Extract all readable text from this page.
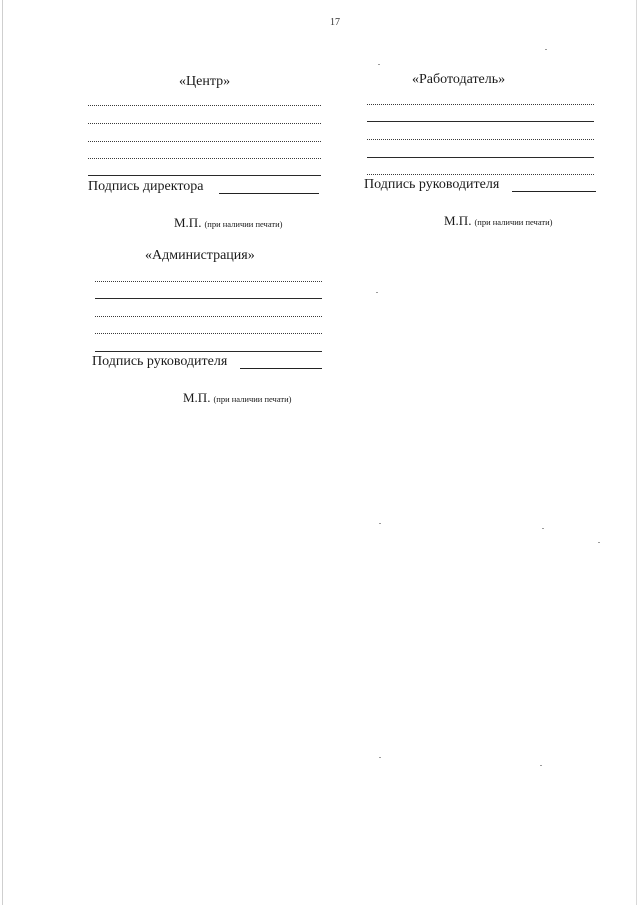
17
«Центр»
Подпись директора
М.П. (при наличии печати)
«Работодатель»
Подпись руководителя
М.П. (при наличии печати)
«Администрация»
Подпись руководителя
М.П. (при наличии печати)
